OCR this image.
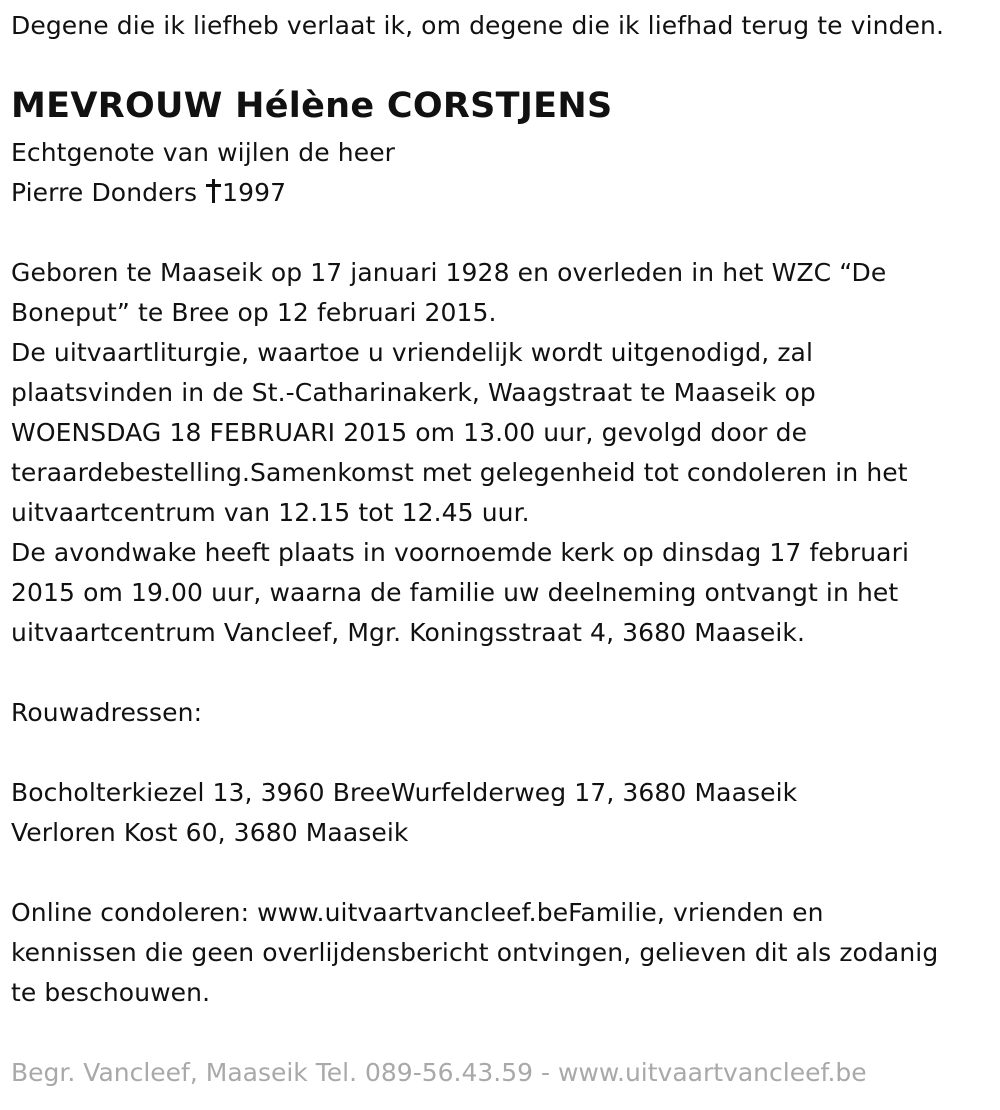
Degene die ik liefheb verlaat ik, om degene die ik liefhad terug te vinden.
MEVROUW Hélène CORSTJENS
Echtgenote van wijlen de heer
Pierre Donders 1997
Geboren te Maaseik op 17 januari 1928 en overleden in het WZC “De
Boneput” te Bree op 12 februari 2015.
De uitvaartliturgie, waartoe u vriendelijk wordt uitgenodigd, zal
plaatsvinden in de St.-Catharinakerk, Waagstraat te Maaseik op
WOENSDAG 18 FEBRUARI 2015 om 13.00 uur, gevolgd door de
teraardebestelling.Samenkomst met gelegenheid tot condoleren in het
uitvaartcentrum van 12.15 tot 12.45 uur.
De avondwake heeft plaats in voornoemde kerk op dinsdag 17 februari
2015 om 19.00 uur, waarna de familie uw deelneming ontvangt in het
uitvaartcentrum Vancleef, Mgr. Koningsstraat 4, 3680 Maaseik.
Rouwadressen:
Bocholterkiezel 13, 3960 BreeWurfelderweg 17, 3680 Maaseik
Verloren Kost 60, 3680 Maaseik
Online condoleren: www.uitvaartvancleef.beFamilie, vrienden en
kennissen die geen overlijdensbericht ontvingen, gelieven dit als zodanig
te beschouwen.
Begr. Vancleef, Maaseik Tel. 089-56.43.59 - www.uitvaartvancleef.be
